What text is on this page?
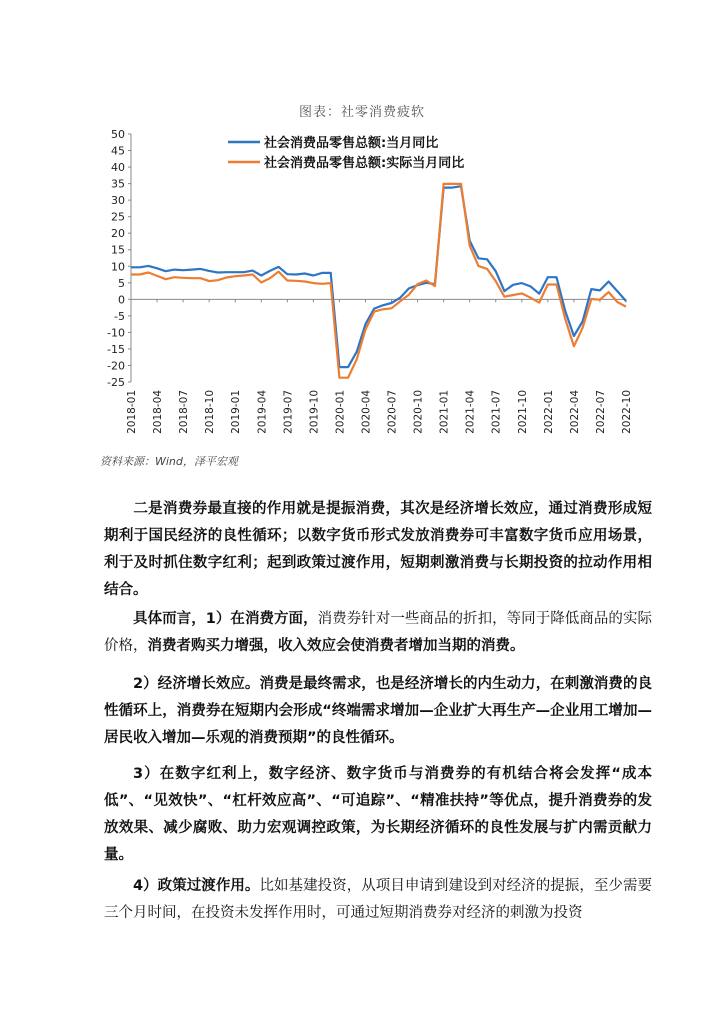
图表：社零消费疲软
50
45
40
35
30
25
20
15
10
5
0
-5
-10
-15
-20
-25
2018-01 2018-04 2018-07 2018-10 2019-01 2019-04 2019-07 2019-10 2020-01 2020-04 2020-07 2020-10 2021-01 2021-04 2021-07 2021-10 2022-01 2022-04 2022-07 2022-10
社会消费品零售总额:当月同比
社会消费品零售总额:实际当月同比
资料来源：Wind，泽平宏观
二是消费券最直接的作用就是提振消费，其次是经济增长效应，通过消费形成短期利于国民经济的良性循环；以数字货币形式发放消费券可丰富数字货币应用场景，利于及时抓住数字红利；起到政策过渡作用，短期刺激消费与长期投资的拉动作用相结合。
具体而言，1）在消费方面，消费券针对一些商品的折扣，等同于降低商品的实际价格，消费者购买力增强，收入效应会使消费者增加当期的消费。
2）经济增长效应。消费是最终需求，也是经济增长的内生动力，在刺激消费的良性循环上，消费券在短期内会形成“终端需求增加—企业扩大再生产—企业用工增加—居民收入增加—乐观的消费预期”的良性循环。
3）在数字红利上，数字经济、数字货币与消费券的有机结合将会发挥“成本低”、“见效快”、“杠杆效应高”、“可追踪”、“精准扶持”等优点，提升消费券的发放效果、减少腐败、助力宏观调控政策，为长期经济循环的良性发展与扩内需贡献力量。
4）政策过渡作用。比如基建投资，从项目申请到建设到对经济的提振，至少需要三个月时间，在投资未发挥作用时，可通过短期消费券对经济的刺激为投资
